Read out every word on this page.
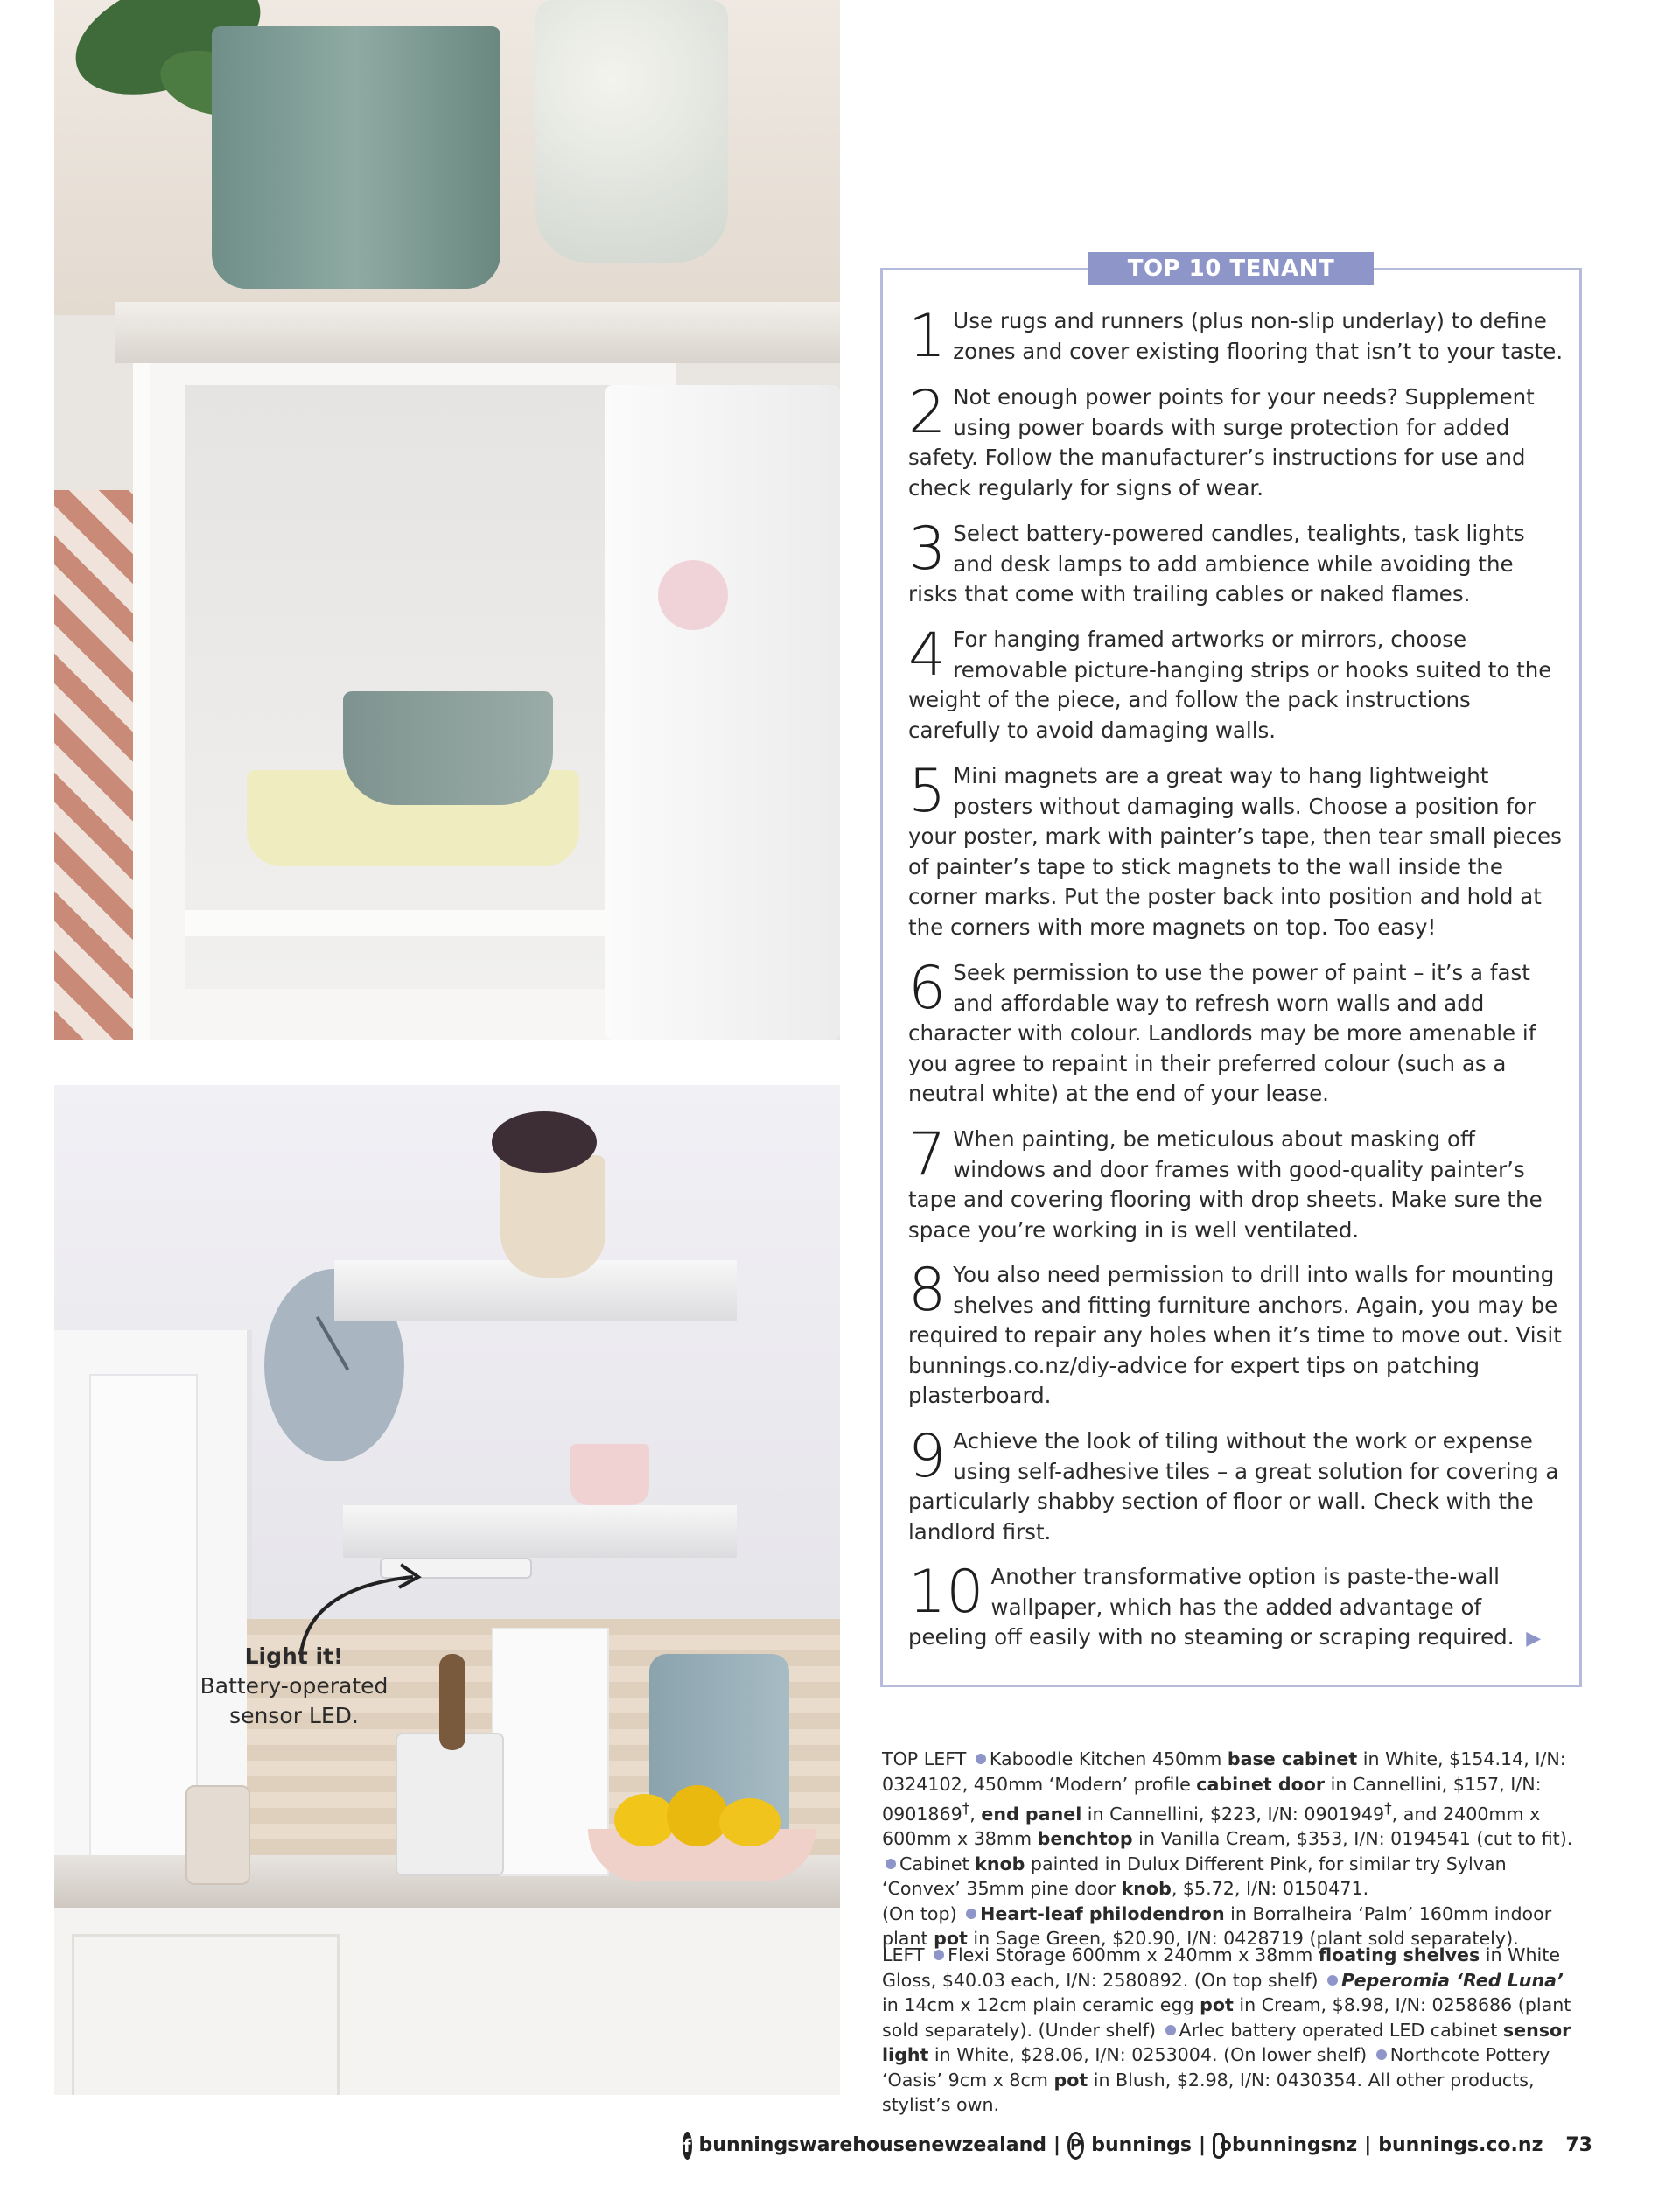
Light it!
Battery-operated
sensor LED.
TOP 10 TENANT TRICKS
1 Use rugs and runners (plus non-slip underlay) to define zones and cover existing flooring that isn’t to your taste.
2 Not enough power points for your needs? Supplement using power boards with surge protection for added safety. Follow the manufacturer’s instructions for use and check regularly for signs of wear.
3 Select battery-powered candles, tealights, task lights and desk lamps to add ambience while avoiding the risks that come with trailing cables or naked flames.
4 For hanging framed artworks or mirrors, choose removable picture-hanging strips or hooks suited to the weight of the piece, and follow the pack instructions carefully to avoid damaging walls.
5 Mini magnets are a great way to hang lightweight posters without damaging walls. Choose a position for your poster, mark with painter’s tape, then tear small pieces of painter’s tape to stick magnets to the wall inside the corner marks. Put the poster back into position and hold at the corners with more magnets on top. Too easy!
6 Seek permission to use the power of paint – it’s a fast and affordable way to refresh worn walls and add character with colour. Landlords may be more amenable if you agree to repaint in their preferred colour (such as a neutral white) at the end of your lease.
7 When painting, be meticulous about masking off windows and door frames with good-quality painter’s tape and covering flooring with drop sheets. Make sure the space you’re working in is well ventilated.
8 You also need permission to drill into walls for mounting shelves and fitting furniture anchors. Again, you may be required to repair any holes when it’s time to move out. Visit bunnings.co.nz/diy-advice for expert tips on patching plasterboard.
9 Achieve the look of tiling without the work or expense using self-adhesive tiles – a great solution for covering a particularly shabby section of floor or wall. Check with the landlord first.
10 Another transformative option is paste-the-wall wallpaper, which has the added advantage of peeling off easily with no steaming or scraping required. ▶
TOP LEFT Kaboodle Kitchen 450mm base cabinet in White, $154.14, I/N: 0324102, 450mm ‘Modern’ profile cabinet door in Cannellini, $157, I/N: 0901869†, end panel in Cannellini, $223, I/N: 0901949†, and 2400mm x 600mm x 38mm benchtop in Vanilla Cream, $353, I/N: 0194541 (cut to fit). Cabinet knob painted in Dulux Different Pink, for similar try Sylvan ‘Convex’ 35mm pine door knob, $5.72, I/N: 0150471.
(On top) Heart-leaf philodendron in Borralheira ‘Palm’ 160mm indoor plant pot in Sage Green, $20.90, I/N: 0428719 (plant sold separately).
LEFT Flexi Storage 600mm x 240mm x 38mm floating shelves in White Gloss, $40.03 each, I/N: 2580892. (On top shelf) Peperomia ‘Red Luna’ in 14cm x 12cm plain ceramic egg pot in Cream, $8.98, I/N: 0258686 (plant sold separately). (Under shelf) Arlec battery operated LED cabinet sensor light in White, $28.06, I/N: 0253004. (On lower shelf) Northcote Pottery ‘Oasis’ 9cm x 8cm pot in Blush, $2.98, I/N: 0430354. All other products, stylist’s own.
f bunningswarehousenewzealand | P bunnings | bunningsnz | bunnings.co.nz 73
